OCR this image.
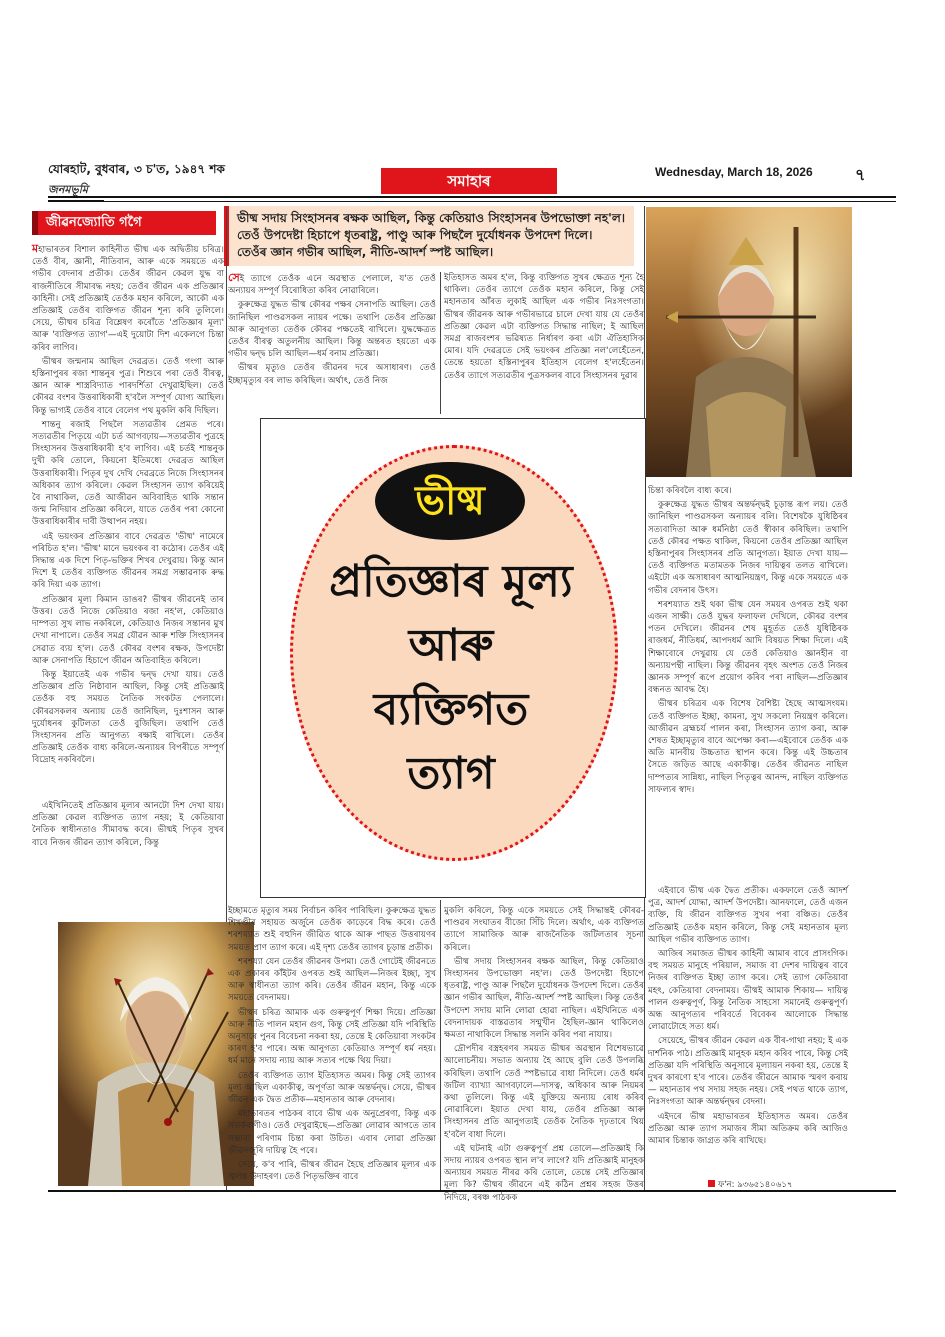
যোৰহাট, বুধবাৰ, ৩ চ'ত, ১৯৪৭ শক
জনমভূমি	সমাহাৰ	Wednesday, March 18, 2026	৭
জীৱনজ্যোতি গগৈ	ভীষ্ম সদায় সিংহাসনৰ ৰক্ষক আছিল, কিন্তু কেতিয়াও সিংহাসনৰ উপভোক্তা নহ'ল। তেওঁ উপদেষ্টা হিচাপে ধৃতৰাষ্ট্ৰ, পাণ্ডু আৰু পিছলৈ দুৰ্যোধনক উপদেশ দিলে। তেওঁৰ জ্ঞান গভীৰ আছিল, নীতি-আদৰ্শ স্পষ্ট আছিল।

মহাভাৰতৰ বিশাল কাহিনীত ভীষ্ম এক অদ্বিতীয় চৰিত্ৰ। তেওঁ বীৰ, জ্ঞানী, নীতিবান, আৰু একে সময়তে এক গভীৰ বেদনাৰ প্ৰতীক। তেওঁৰ জীৱন কেৱল যুদ্ধ বা ৰাজনীতিৰে সীমাবদ্ধ নহয়; তেওঁৰ জীৱন এক প্ৰতিজ্ঞাৰ কাহিনী। সেই প্ৰতিজ্ঞাই তেওঁক মহান কৰিলে, আকৌ এক প্ৰতিজ্ঞাই তেওঁৰ ব্যক্তিগত জীৱন শূন্য কৰি তুলিলে। সেয়ে, ভীষ্মৰ চৰিত্ৰ বিশ্লেষণ কৰোঁতে 'প্ৰতিজ্ঞাৰ মূল্য' আৰু 'ব্যক্তিগত ত্যাগ'—এই দুয়োটা দিশ একেলগে চিন্তা কৰিব লাগিব।

ভীষ্মৰ জন্মনাম আছিল দেৱব্ৰত। তেওঁ গংগা আৰু হস্তিনাপুৰৰ ৰজা শান্তনুৰ পুত্ৰ। শিশুৰে পৰা তেওঁ বীৰত্ব, জ্ঞান আৰু শাস্ত্ৰবিদ্যাত পাৰদৰ্শিতা দেখুৱাইছিল। তেওঁ কৌৰৱ বংশৰ উত্তৰাধিকাৰী হ'বলৈ সম্পূৰ্ণ যোগ্য আছিল। কিন্তু ভাগ্যই তেওঁৰ বাবে বেলেগ পথ মুকলি কৰি দিছিল।

শান্তনু ৰজাই পিছলৈ সত্যৱতীৰ প্ৰেমত পৰে। সত্যৱতীৰ পিতৃয়ে এটা চৰ্ত আগবঢ়ায়—সত্যৱতীৰ পুত্ৰহে সিংহাসনৰ উত্তৰাধিকাৰী হ'ব লাগিব। এই চৰ্তই শান্তনুক দুখী কৰি তোলে, কিয়নো ইতিমধ্যে দেৱব্ৰত আছিল উত্তৰাধিকাৰী। পিতৃৰ দুখ দেখি দেৱব্ৰতে নিজে সিংহাসনৰ অধিকাৰ ত্যাগ কৰিলে। কেৱল সিংহাসন ত্যাগ কৰিয়েই বৈ নাথাকিল, তেওঁ আজীৱন অবিবাহিত থাকি সন্তান জন্ম নিদিয়াৰ প্ৰতিজ্ঞা কৰিলে, যাতে তেওঁৰ পৰা কোনো উত্তৰাধিকাৰীৰ দাবী উত্থাপন নহয়।

এই ভয়ংকৰ প্ৰতিজ্ঞাৰ বাবে দেৱব্ৰত 'ভীষ্ম' নামেৰে পৰিচিত হ'ল। 'ভীষ্ম' মানে ভয়ংকৰ বা কঠোৰ। তেওঁৰ এই সিদ্ধান্ত এক দিশে পিতৃ-ভক্তিৰ শিখৰ দেখুৱায়। কিন্তু আন দিশে ই তেওঁৰ ব্যক্তিগত জীৱনৰ সমগ্ৰ সম্ভাৱনাক ৰুদ্ধ কৰি দিয়া এক ত্যাগ।

প্ৰতিজ্ঞাৰ মূল্য কিমান ডাঙৰ? ভীষ্মৰ জীৱনেই তাৰ উত্তৰ। তেওঁ নিজে কেতিয়াও ৰজা নহ'ল, কেতিয়াও দাম্পত্য সুখ লাভ নকৰিলে, কেতিয়াও নিজৰ সন্তানৰ মুখ দেখা নাপালে। তেওঁৰ সমগ্ৰ যৌৱন আৰু শক্তি সিংহাসনৰ সেৱাত ব্যয় হ'ল। তেওঁ কৌৰৱ বংশৰ ৰক্ষক, উপদেষ্টা আৰু সেনাপতি হিচাপে জীৱন অতিবাহিত কৰিলে।

কিন্তু ইয়াতেই এক গভীৰ দ্বন্দ্ব দেখা যায়। তেওঁ প্ৰতিজ্ঞাৰ প্ৰতি নিষ্ঠাবান আছিল, কিন্তু সেই প্ৰতিজ্ঞাই তেওঁক বহু সময়ত নৈতিক সংকটত পেলালে। কৌৰৱসকলৰ অন্যায় তেওঁ জানিছিল, দুঃশাসন আৰু দুৰ্যোধনৰ কুটিলতা তেওঁ বুজিছিল। তথাপি তেওঁ সিংহাসনৰ প্ৰতি আনুগত্য ৰক্ষাই ৰাখিলে। তেওঁৰ প্ৰতিজ্ঞাই তেওঁক বাধ্য কৰিলে-অন্যায়ৰ বিপৰীতে সম্পূৰ্ণ বিদ্ৰোহ নকৰিবলৈ।

এইখিনিতেই প্ৰতিজ্ঞাৰ মূল্যৰ আনটো দিশ দেখা যায়। প্ৰতিজ্ঞা কেৱল ব্যক্তিগত ত্যাগ নহয়; ই কেতিয়াবা নৈতিক স্বাধীনতাও সীমাবদ্ধ কৰে। ভীষ্মই পিতৃৰ সুখৰ বাবে নিজৰ জীৱন ত্যাগ কৰিলে, কিন্তু

সেই ত্যাগে তেওঁক এনে অৱস্থাত পেলালে, য'ত তেওঁ অন্যায়ৰ সম্পূৰ্ণ বিৰোধিতা কৰিব নোৱাৰিলে।

কুৰুক্ষেত্ৰ যুদ্ধত ভীষ্ম কৌৰৱ পক্ষৰ সেনাপতি আছিল। তেওঁ জানিছিল পাণ্ডৱসকল ন্যায়ৰ পক্ষে। তথাপি তেওঁৰ প্ৰতিজ্ঞা আৰু আনুগত্য তেওঁক কৌৰৱ পক্ষতেই ৰাখিলে। যুদ্ধক্ষেত্ৰত তেওঁৰ বীৰত্ব অতুলনীয় আছিল। কিন্তু অন্তৰত হয়তো এক গভীৰ দ্বন্দ্ব চলি আছিল—ধৰ্ম বনাম প্ৰতিজ্ঞা।

ভীষ্মৰ মৃত্যুও তেওঁৰ জীৱনৰ দৰে অসাধাৰণ। তেওঁ ইচ্ছামৃত্যুৰ বৰ লাভ কৰিছিল। অৰ্থাৎ, তেওঁ নিজ

ইতিহাসত অমৰ হ'ল, কিন্তু ব্যক্তিগত সুখৰ ক্ষেত্ৰত শূন্য হৈ থাকিল। তেওঁৰ ত্যাগে তেওঁক মহান কৰিলে, কিন্তু সেই মহানতাৰ আঁৰত লুকাই আছিল এক গভীৰ নিঃসংগতা। ভীষ্মৰ জীৱনক আৰু গভীৰভাৱে চালে দেখা যায় যে তেওঁৰ প্ৰতিজ্ঞা কেৱল এটা ব্যক্তিগত সিদ্ধান্ত নাছিল; ই আছিল সমগ্ৰ ৰাজবংশৰ ভৱিষ্যত নিৰ্ধাৰণ কৰা এটা ঐতিহাসিক মোৰ। যদি দেৱব্ৰতে সেই ভয়ংকৰ প্ৰতিজ্ঞা নল'লেহেঁতেন, তেন্তে হয়তো হস্তিনাপুৰৰ ইতিহাস বেলেগ হ'লহেঁতেন। তেওঁৰ ত্যাগে সত্যৱতীৰ পুত্ৰসকলৰ বাবে সিংহাসনৰ দুৱাৰ

ভীষ্ম
প্ৰতিজ্ঞাৰ মূল্য
আৰু
ব্যক্তিগত
ত্যাগ

চিন্তা কৰিবলৈ বাধ্য কৰে।

কুৰুক্ষেত্ৰ যুদ্ধত ভীষ্মৰ অন্তৰ্দ্বন্দ্বই চূড়ান্ত ৰূপ লয়। তেওঁ জানিছিল পাণ্ডৱসকল অন্যায়ৰ বলি। বিশেষকৈ যুধিষ্ঠিৰৰ সত্যবাদিতা আৰু ধৰ্মনিষ্ঠা তেওঁ স্বীকাৰ কৰিছিল। তথাপি তেওঁ কৌৰৱ পক্ষত থাকিল, কিয়নো তেওঁৰ প্ৰতিজ্ঞা আছিল হস্তিনাপুৰৰ সিংহাসনৰ প্ৰতি আনুগত্য। ইয়াত দেখা যায়— তেওঁ ব্যক্তিগত মতামতক নিজৰ দায়িত্বৰ তলত ৰাখিলে। এইটো এক অসাধাৰণ আত্মনিয়ন্ত্ৰণ, কিন্তু একে সময়তে এক গভীৰ বেদনাৰ উৎস।

শৰশয্যাত শুই থকা ভীষ্ম যেন সময়ৰ ওপৰত শুই থকা এজন সাক্ষী। তেওঁ যুদ্ধৰ ফলাফল দেখিলে, কৌৰৱ বংশৰ পতন দেখিলে। জীৱনৰ শেষ মুহূৰ্তত তেওঁ যুধিষ্ঠিৰক ৰাজধৰ্ম, নীতিধৰ্ম, আপদধৰ্ম আদি বিষয়ত শিক্ষা দিলে। এই শিক্ষাবোৰে দেখুৱায় যে তেওঁ কেতিয়াও জ্ঞানহীন বা অন্যায়পন্থী নাছিল। কিন্তু জীৱনৰ বৃহৎ অংশত তেওঁ নিজৰ জ্ঞানক সম্পূৰ্ণ ৰূপে প্ৰয়োগ কৰিব পৰা নাছিল—প্ৰতিজ্ঞাৰ বন্ধনত আবদ্ধ হৈ।

ভীষ্মৰ চৰিত্ৰৰ এক বিশেষ বৈশিষ্ট্য হৈছে আত্মসংযম। তেওঁ ব্যক্তিগত ইচ্ছা, কামনা, সুখ সকলো নিয়ন্ত্ৰণ কৰিলে। আজীৱন ব্ৰহ্মচৰ্য পালন কৰা, সিংহাসন ত্যাগ কৰা, আৰু শেষত ইচ্ছামৃত্যুৰ বাবে অপেক্ষা কৰা—এইবোৰে তেওঁক এক অতি মানবীয় উচ্চতাত স্থাপন কৰে। কিন্তু এই উচ্চতাৰ সৈতে জড়িত আছে একাকীত্ব। তেওঁৰ জীৱনত নাছিল দাম্পত্যৰ সান্নিধ্য, নাছিল পিতৃত্বৰ আনন্দ, নাছিল ব্যক্তিগত সাফল্যৰ স্বাদ।

ইচ্ছামতে মৃত্যুৰ সময় নিৰ্বাচন কৰিব পাৰিছিল। কুৰুক্ষেত্ৰ যুদ্ধত শিখণ্ডীৰ সহায়ত অৰ্জুনে তেওঁক কাড়েৰে বিদ্ধ কৰে। তেওঁ শৰশয্যাত শুই বহুদিন জীৱিত থাকে আৰু পাছত উত্তৰায়ণৰ সময়ত প্ৰাণ ত্যাগ কৰে। এই দৃশ্য তেওঁৰ ত্যাগৰ চূড়ান্ত প্ৰতীক।

শৰশয্যা যেন তেওঁৰ জীৱনৰ উপমা। তেওঁ গোটেই জীৱনতে এক প্ৰকাৰৰ কাঁইটৰ ওপৰত শুই আছিল—নিজৰ ইচ্ছা, সুখ আৰু স্বাধীনতা ত্যাগ কৰি। তেওঁৰ জীৱন মহান, কিন্তু একে সময়তে বেদনাময়।

ভীষ্মৰ চৰিত্ৰ আমাক এক গুৰুত্বপূৰ্ণ শিক্ষা দিয়ে। প্ৰতিজ্ঞা আৰু নীতি পালন মহান গুণ, কিন্তু সেই প্ৰতিজ্ঞা যদি পৰিস্থিতি অনুসাৰে পুনৰ বিবেচনা নকৰা হয়, তেন্তে ই কেতিয়াবা সংকটৰ কাৰণ হ'ব পাৰে। অন্ধ আনুগত্য কেতিয়াও সম্পূৰ্ণ ধৰ্ম নহয়। ধৰ্ম মানে সদায় ন্যায় আৰু সত্যৰ পক্ষে থিয় দিয়া।

তেওঁৰ ব্যক্তিগত ত্যাগ ইতিহাসত অমৰ। কিন্তু সেই ত্যাগৰ মূল্য আছিল একাকীত্ব, অপূৰ্ণতা আৰু অন্তৰ্দ্বন্দ্ব। সেয়ে, ভীষ্মৰ জীৱন এক দ্বৈত প্ৰতীক—মহানতাৰ আৰু বেদনাৰ।

মহাভাৰতৰ পাঠকৰ বাবে ভীষ্ম এক অনুপ্ৰেৰণা, কিন্তু এক সতৰ্কবাণীও। তেওঁ দেখুৱাইছে—প্ৰতিজ্ঞা লোৱাৰ আগতে তাৰ সম্ভাব্য পৰিণাম চিন্তা কৰা উচিত। এবাৰ লোৱা প্ৰতিজ্ঞা জীৱনজুৰি দায়িত্ব হৈ পৰে।

সেয়ে, ক'ব পাৰি, ভীষ্মৰ জীৱন হৈছে প্ৰতিজ্ঞাৰ মূল্যৰ এক জ্বলন্ত উদাহৰণ। তেওঁ পিতৃভক্তিৰ বাবে

মুকলি কৰিলে, কিন্তু একে সময়তে সেই সিদ্ধান্তই কৌৰৱ-পাণ্ডৱৰ সংঘাতৰ বীজো সিঁচি দিলে। অৰ্থাৎ, এক ব্যক্তিগত ত্যাগে সামাজিক আৰু ৰাজনৈতিক জটিলতাৰ সূচনা কৰিলে।

ভীষ্ম সদায় সিংহাসনৰ ৰক্ষক আছিল, কিন্তু কেতিয়াও সিংহাসনৰ উপভোক্তা নহ'ল। তেওঁ উপদেষ্টা হিচাপে ধৃতৰাষ্ট্ৰ, পাণ্ডু আৰু পিছলৈ দুৰ্যোধনক উপদেশ দিলে। তেওঁৰ জ্ঞান গভীৰ আছিল, নীতি-আদৰ্শ স্পষ্ট আছিল। কিন্তু তেওঁৰ উপদেশ সদায় মানি লোৱা হোৱা নাছিল। এইখিনিতে এক বেদনাদায়ক বাস্তৱতাৰ সন্মুখীন হৈছিল-জ্ঞান থাকিলেও ক্ষমতা নাথাকিলে সিদ্ধান্ত সলনি কৰিব পৰা নাযায়।

দ্ৰৌপদীৰ বস্ত্ৰহৰণৰ সময়ত ভীষ্মৰ অৱস্থান বিশেষভাৱে আলোচনীয়। সভাত অন্যায় হৈ আছে বুলি তেওঁ উপলব্ধি কৰিছিল। তথাপি তেওঁ স্পষ্টভাৱে বাধা নিদিলে। তেওঁ ধৰ্মৰ জটিল ব্যাখ্যা আগবঢ়ালে—দাসত্ব, অধিকাৰ আৰু নিয়মৰ কথা তুলিলে। কিন্তু এই যুক্তিয়ে অন্যায় ৰোধ কৰিব নোৱাৰিলে। ইয়াত দেখা যায়, তেওঁৰ প্ৰতিজ্ঞা আৰু সিংহাসনৰ প্ৰতি আনুগত্যই তেওঁক নৈতিক দৃঢ়তাৰে থিয় হ'বলৈ বাধা দিলে।

এই ঘটনাই এটা গুৰুত্বপূৰ্ণ প্ৰশ্ন তোলে—প্ৰতিজ্ঞাই কি সদায় ন্যায়ৰ ওপৰত স্থান ল'ব লাগে? যদি প্ৰতিজ্ঞাই মানুহক অন্যায়ৰ সময়ত নীৰৱ কৰি তোলে, তেন্তে সেই প্ৰতিজ্ঞাৰ মূল্য কি? ভীষ্মৰ জীৱনে এই কঠিন প্ৰশ্নৰ সহজ উত্তৰ নিদিয়ে, বৰঞ্চ পাঠকক

এইবাবে ভীষ্ম এক দ্বৈত প্ৰতীক। একফালে তেওঁ আদৰ্শ পুত্ৰ, আদৰ্শ যোদ্ধা, আদৰ্শ উপদেষ্টা। আনফালে, তেওঁ এজন ব্যক্তি, যি জীৱন ব্যক্তিগত সুখৰ পৰা বঞ্চিত। তেওঁৰ প্ৰতিজ্ঞাই তেওঁক মহান কৰিলে, কিন্তু সেই মহানতাৰ মূল্য আছিল গভীৰ ব্যক্তিগত ত্যাগ।

আজিৰ সমাজত ভীষ্মৰ কাহিনী আমাৰ বাবে প্ৰাসংগিক। বহু সময়ত মানুহে পৰিয়াল, সমাজ বা দেশৰ দায়িত্বৰ বাবে নিজৰ ব্যক্তিগত ইচ্ছা ত্যাগ কৰে। সেই ত্যাগ কেতিয়াবা মহৎ, কেতিয়াবা বেদনাময়। ভীষ্মই আমাক শিকায়— দায়িত্ব পালন গুৰুত্বপূৰ্ণ, কিন্তু নৈতিক সাহসো সমানেই গুৰুত্বপূৰ্ণ। অন্ধ আনুগত্যৰ পৰিবৰ্তে বিবেকৰ আলোকে সিদ্ধান্ত লোৱাটোহে সত্য ধৰ্ম।

সেয়েহে, ভীষ্মৰ জীৱন কেৱল এক বীৰ-গাথা নহয়; ই এক দাৰ্শনিক পাঠ। প্ৰতিজ্ঞাই মানুহক মহান কৰিব পাৰে, কিন্তু সেই প্ৰতিজ্ঞা যদি পৰিস্থিতি অনুসাৰে মূল্যায়ন নকৰা হয়, তেন্তে ই দুখৰ কাৰণো হ'ব পাৰে। তেওঁৰ জীৱনে আমাক স্মৰণ কৰায়— মহানতাৰ পথ সদায় সহজ নহয়। সেই পথত থাকে ত্যাগ, নিঃসংগতা আৰু অন্তৰ্দ্বন্দ্বৰ বেদনা।

এইদৰে ভীষ্ম মহাভাৰতৰ ইতিহাসত অমৰ। তেওঁৰ প্ৰতিজ্ঞা আৰু ত্যাগ সমাজৰ সীমা অতিক্ৰম কৰি আজিও আমাৰ চিন্তাক জাগ্ৰত কৰি ৰাখিছে।

ফ'ন: ৯৩৬৫১৪০৬১৭
